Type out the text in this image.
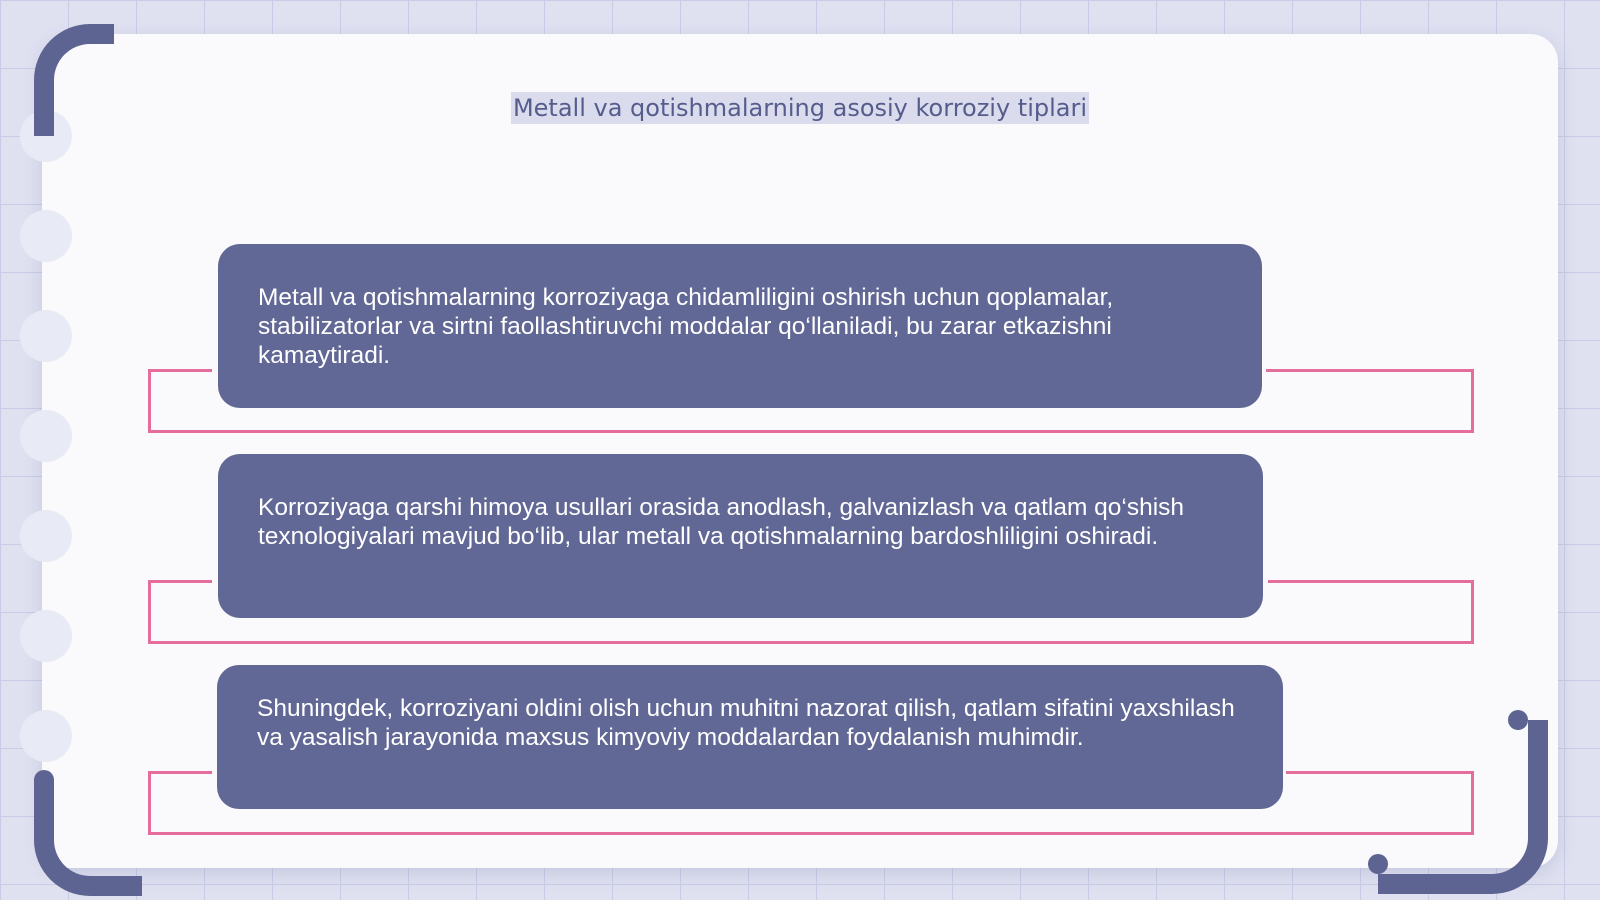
Metall va qotishmalarning asosiy korroziy tiplari

Metall va qotishmalarning korroziyaga chidamliligini oshirish uchun qoplamalar, stabilizatorlar va sirtni faollashtiruvchi moddalar qo‘llaniladi, bu zarar etkazishni kamaytiradi.

Korroziyaga qarshi himoya usullari orasida anodlash, galvanizlash va qatlam qo‘shish texnologiyalari mavjud bo‘lib, ular metall va qotishmalarning bardoshliligini oshiradi.

Shuningdek, korroziyani oldini olish uchun muhitni nazorat qilish, qatlam sifatini yaxshilash va yasalish jarayonida maxsus kimyoviy moddalardan foydalanish muhimdir.
